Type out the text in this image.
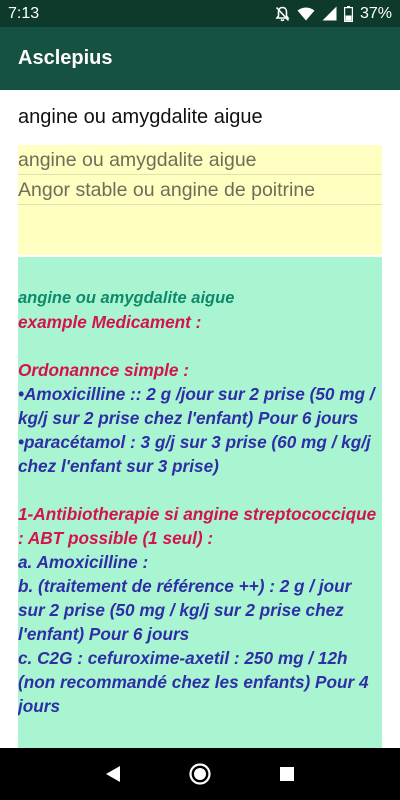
7:13	37%
Asclepius
angine ou amygdalite aigue
angine ou amygdalite aigue
Angor stable ou angine de poitrine
angine ou amygdalite aigue
example Medicament :
Ordonannce simple :
•Amoxicilline :: 2 g /jour sur 2 prise (50 mg / kg/j sur 2 prise chez l'enfant) Pour 6 jours
•paracétamol : 3 g/j sur 3 prise (60 mg / kg/j chez l'enfant sur 3 prise)
1-Antibiotherapie si angine streptococcique : ABT possible (1 seul) :
a. Amoxicilline :
b. (traitement de référence ++) : 2 g / jour sur 2 prise (50 mg / kg/j sur 2 prise chez l'enfant) Pour 6 jours
c. C2G : cefuroxime-axetil : 250 mg / 12h (non recommandé chez les enfants) Pour 4 jours
